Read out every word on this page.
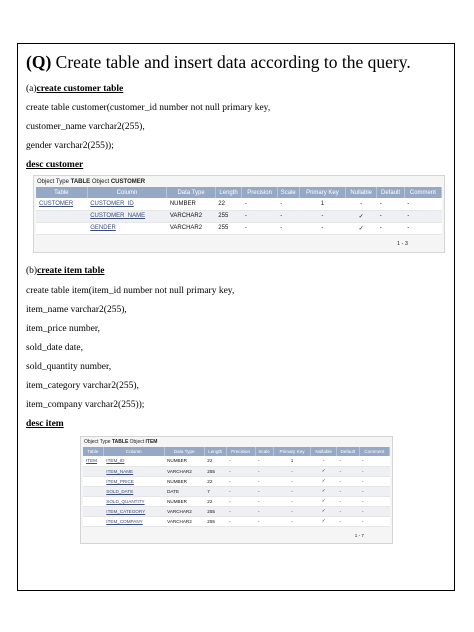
(Q) Create table and insert data according to the query.
(a)create customer table
create table customer(customer_id number not null primary key,
customer_name varchar2(255),
gender varchar2(255));
desc customer
(b)create item table
create table item(item_id number not null primary key,
item_name varchar2(255),
item_price number,
sold_date date,
sold_quantity number,
item_category varchar2(255),
item_company varchar2(255));
desc item
Object Type TABLE Object CUSTOMER
Table	Column	Data Type	Length	Precision	Scale	Primary Key	Nullable	Default	Comment
CUSTOMER	CUSTOMER_ID	NUMBER	22	-	-	1	-	-	-
	CUSTOMER_NAME	VARCHAR2	255	-	-	-	✓	-	-
	GENDER	VARCHAR2	255	-	-	-	✓	-	-
1 - 3
Object Type TABLE Object ITEM
Table	Column	Data Type	Length	Precision	Scale	Primary Key	Nullable	Default	Comment
ITEM	ITEM_ID	NUMBER	22	-	-	1	-	-	-
	ITEM_NAME	VARCHAR2	255	-	-	-	✓	-	-
	ITEM_PRICE	NUMBER	22	-	-	-	✓	-	-
	SOLD_DATE	DATE	7	-	-	-	✓	-	-
	SOLD_QUANTITY	NUMBER	22	-	-	-	✓	-	-
	ITEM_CATEGORY	VARCHAR2	255	-	-	-	✓	-	-
	ITEM_COMPANY	VARCHAR2	255	-	-	-	✓	-	-
1 - 7
